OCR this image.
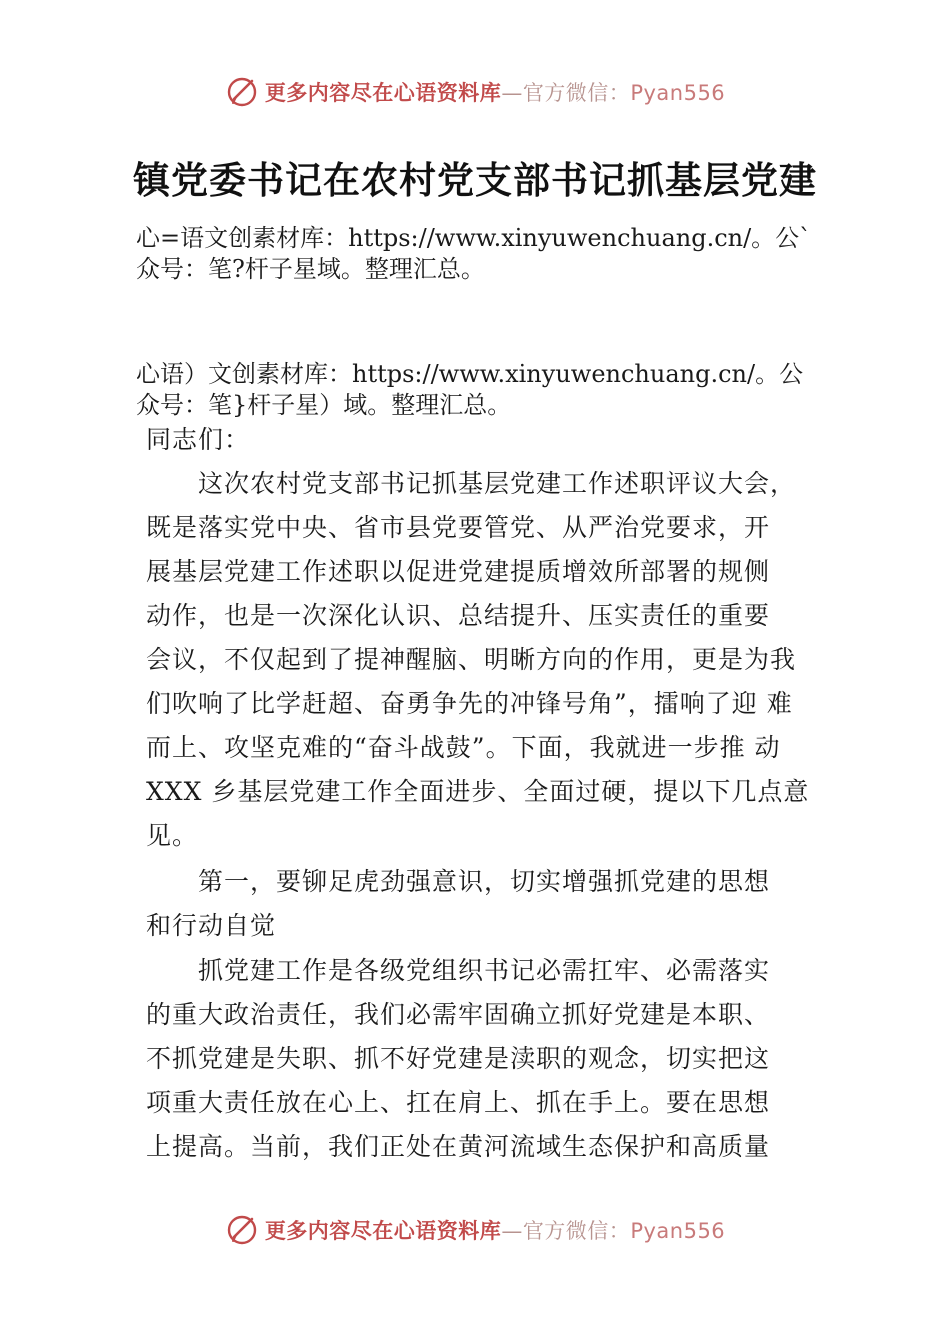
更多内容尽在心语资料库—官方微信：Pyan556
镇党委书记在农村党支部书记抓基层党建
心=语文创素材库：https://www.xinyuwenchuang.cn/。公`
众号：笔?杆子星域。整理汇总。
心语）文创素材库：https://www.xinyuwenchuang.cn/。公
众号：笔}杆子星）域。整理汇总。
同志们：
这次农村党支部书记抓基层党建工作述职评议大会，
既是落实党中央、省市县党要管党、从严治党要求，开
展基层党建工作述职以促进党建提质增效所部署的规侧
动作，也是一次深化认识、总结提升、压实责任的重要
会议，不仅起到了提神醒脑、明晰方向的作用，更是为我
们吹响了比学赶超、奋勇争先的冲锋号角”，擂响了迎 难
而上、攻坚克难的“奋斗战鼓”。下面，我就进一步推 动
XXX 乡基层党建工作全面进步、全面过硬，提以下几点意
见。
第一，要铆足虎劲强意识，切实增强抓党建的思想
和行动自觉
抓党建工作是各级党组织书记必需扛牢、必需落实
的重大政治责任，我们必需牢固确立抓好党建是本职、
不抓党建是失职、抓不好党建是渎职的观念，切实把这
项重大责任放在心上、扛在肩上、抓在手上。要在思想
上提高。当前，我们正处在黄河流域生态保护和高质量
更多内容尽在心语资料库—官方微信：Pyan556
